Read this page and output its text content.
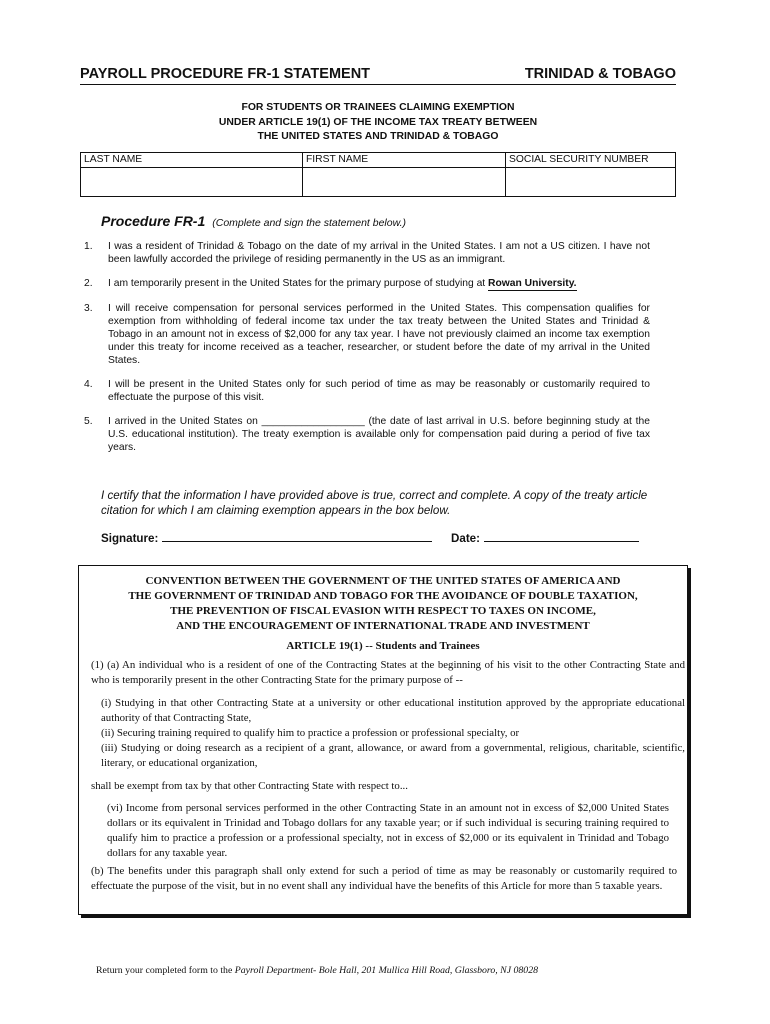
PAYROLL PROCEDURE FR-1 STATEMENT	TRINIDAD & TOBAGO
FOR STUDENTS OR TRAINEES CLAIMING EXEMPTION
UNDER ARTICLE 19(1) OF THE INCOME TAX TREATY BETWEEN
THE UNITED STATES AND TRINIDAD & TOBAGO
LAST NAME	FIRST NAME	SOCIAL SECURITY NUMBER
Procedure FR-1 (Complete and sign the statement below.)
1. I was a resident of Trinidad & Tobago on the date of my arrival in the United States. I am not a US citizen. I have not been lawfully accorded the privilege of residing permanently in the US as an immigrant.
2. I am temporarily present in the United States for the primary purpose of studying at Rowan University.
3. I will receive compensation for personal services performed in the United States. This compensation qualifies for exemption from withholding of federal income tax under the tax treaty between the United States and Trinidad & Tobago in an amount not in excess of $2,000 for any tax year. I have not previously claimed an income tax exemption under this treaty for income received as a teacher, researcher, or student before the date of my arrival in the United States.
4. I will be present in the United States only for such period of time as may be reasonably or customarily required to effectuate the purpose of this visit.
5. I arrived in the United States on __________________ (the date of last arrival in U.S. before beginning study at the U.S. educational institution). The treaty exemption is available only for compensation paid during a period of five tax years.
I certify that the information I have provided above is true, correct and complete. A copy of the treaty article citation for which I am claiming exemption appears in the box below.
Signature:	Date:
CONVENTION BETWEEN THE GOVERNMENT OF THE UNITED STATES OF AMERICA AND
THE GOVERNMENT OF TRINIDAD AND TOBAGO FOR THE AVOIDANCE OF DOUBLE TAXATION,
THE PREVENTION OF FISCAL EVASION WITH RESPECT TO TAXES ON INCOME,
AND THE ENCOURAGEMENT OF INTERNATIONAL TRADE AND INVESTMENT
ARTICLE 19(1) -- Students and Trainees
(1) (a) An individual who is a resident of one of the Contracting States at the beginning of his visit to the other Contracting State and who is temporarily present in the other Contracting State for the primary purpose of --
(i) Studying in that other Contracting State at a university or other educational institution approved by the appropriate educational authority of that Contracting State,
(ii) Securing training required to qualify him to practice a profession or professional specialty, or
(iii) Studying or doing research as a recipient of a grant, allowance, or award from a governmental, religious, charitable, scientific, literary, or educational organization,
shall be exempt from tax by that other Contracting State with respect to...
(vi) Income from personal services performed in the other Contracting State in an amount not in excess of $2,000 United States dollars or its equivalent in Trinidad and Tobago dollars for any taxable year; or if such individual is securing training required to qualify him to practice a profession or a professional specialty, not in excess of $2,000 or its equivalent in Trinidad and Tobago dollars for any taxable year.
(b) The benefits under this paragraph shall only extend for such a period of time as may be reasonably or customarily required to effectuate the purpose of the visit, but in no event shall any individual have the benefits of this Article for more than 5 taxable years.
Return your completed form to the Payroll Department- Bole Hall, 201 Mullica Hill Road, Glassboro, NJ 08028
